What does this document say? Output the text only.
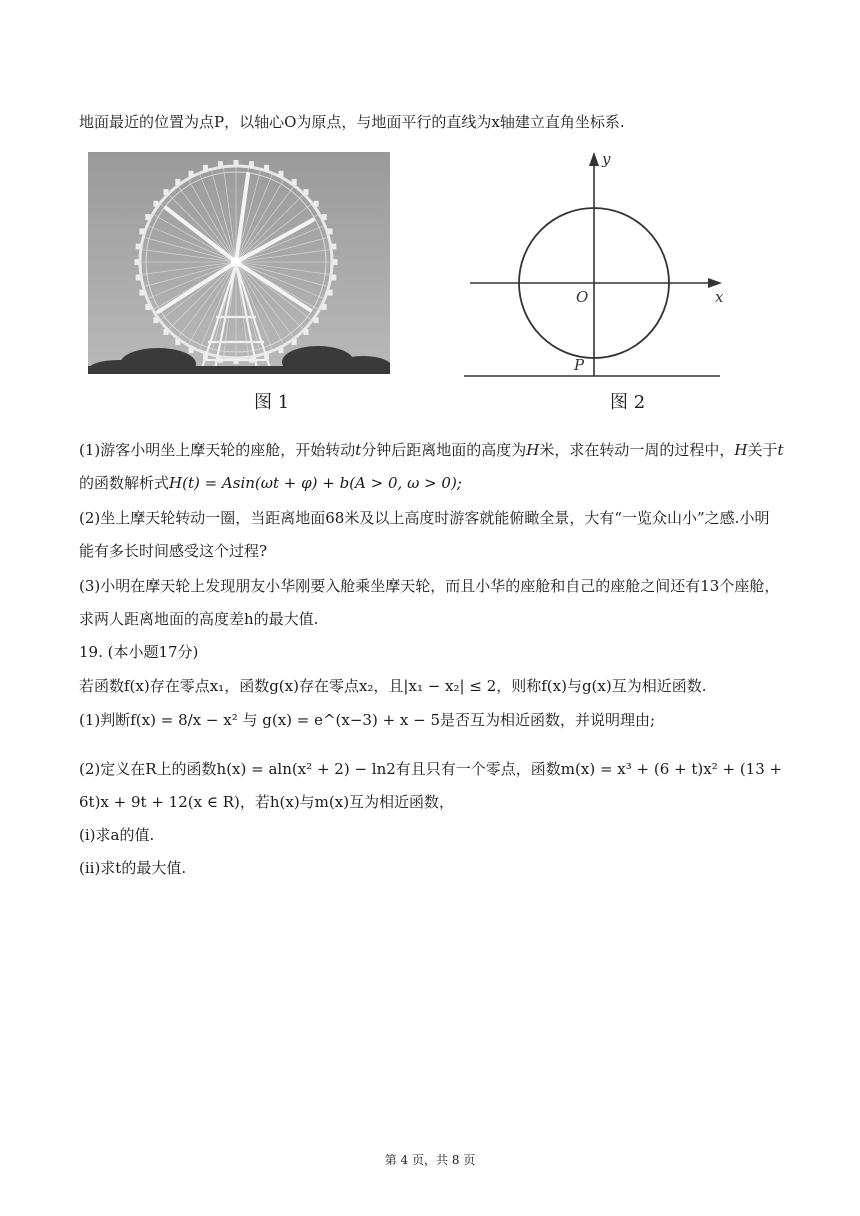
地面最近的位置为点P，以轴心O为原点，与地面平行的直线为x轴建立直角坐标系.
图 1
y
x
O
P
图 2
(1)游客小明坐上摩天轮的座舱，开始转动t分钟后距离地面的高度为H米，求在转动一周的过程中，H关于t
的函数解析式H(t) = Asin(ωt + φ) + b(A > 0, ω > 0);
(2)坐上摩天轮转动一圈，当距离地面68米及以上高度时游客就能俯瞰全景，大有“一览众山小”之感.小明
能有多长时间感受这个过程?
(3)小明在摩天轮上发现朋友小华刚要入舱乘坐摩天轮，而且小华的座舱和自己的座舱之间还有13个座舱，
求两人距离地面的高度差h的最大值.
19. (本小题17分)
若函数f(x)存在零点x₁，函数g(x)存在零点x₂，且|x₁ − x₂| ≤ 2，则称f(x)与g(x)互为相近函数.
(1)判断f(x) = 8/x − x² 与 g(x) = e^(x−3) + x − 5是否互为相近函数，并说明理由;
(2)定义在R上的函数h(x) = aln(x² + 2) − ln2有且只有一个零点，函数m(x) = x³ + (6 + t)x² + (13 +
6t)x + 9t + 12(x ∈ R)，若h(x)与m(x)互为相近函数，
(i)求a的值.
(ii)求t的最大值.
第 4 页，共 8 页
